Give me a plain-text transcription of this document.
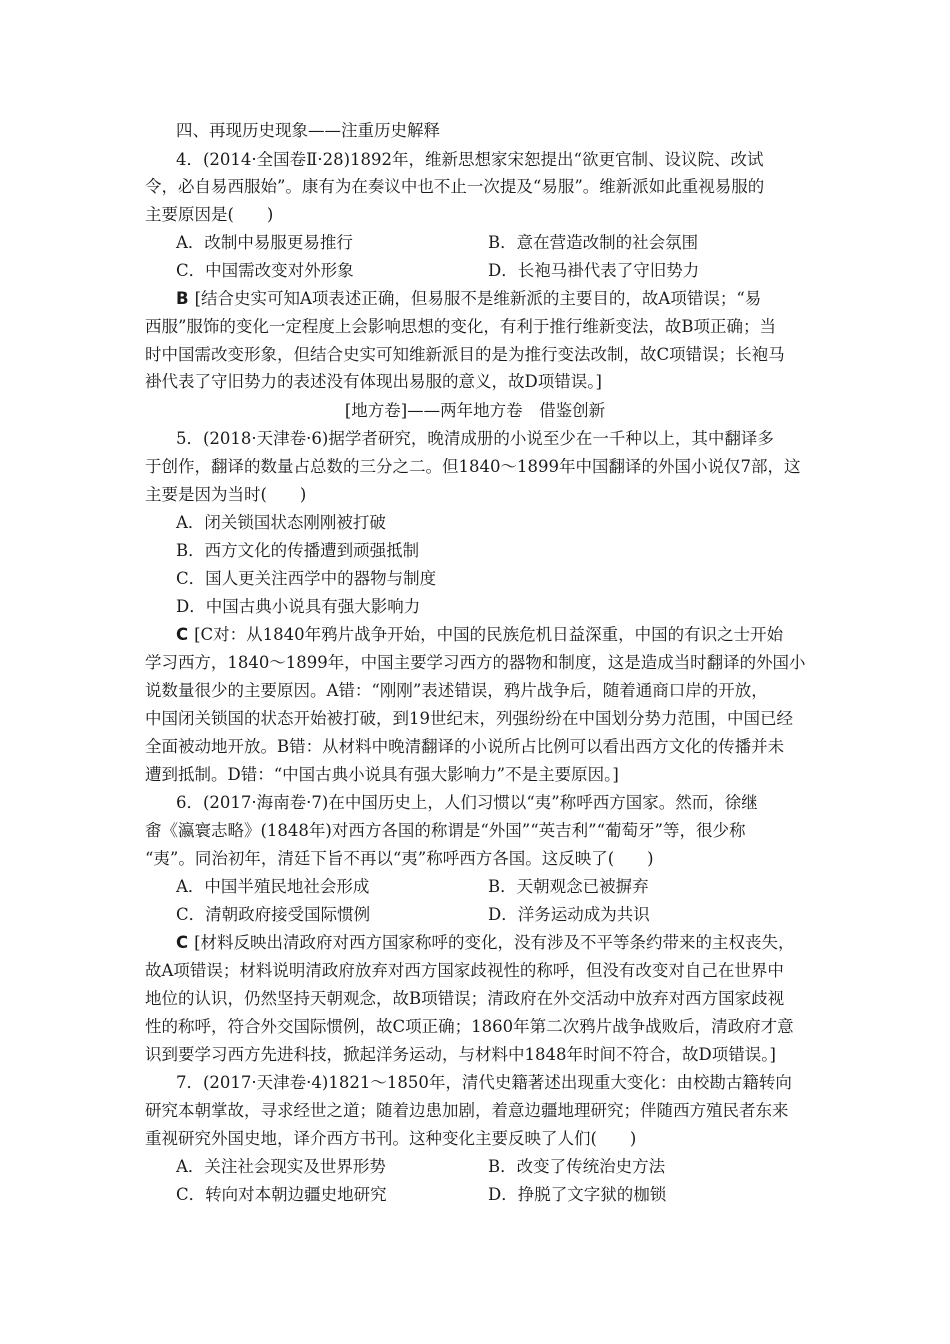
四、再现历史现象——注重历史解释
4．(2014·全国卷Ⅱ·28)1892年，维新思想家宋恕提出“欲更官制、设议院、改试
令，必自易西服始”。康有为在奏议中也不止一次提及“易服”。维新派如此重视易服的
主要原因是(　　)
A．改制中易服更易推行	B．意在营造改制的社会氛围
C．中国需改变对外形象	D．长袍马褂代表了守旧势力
B [结合史实可知A项表述正确，但易服不是维新派的主要目的，故A项错误；“易
西服”服饰的变化一定程度上会影响思想的变化，有利于推行维新变法，故B项正确；当
时中国需改变形象，但结合史实可知维新派目的是为推行变法改制，故C项错误；长袍马
褂代表了守旧势力的表述没有体现出易服的意义，故D项错误。]
[地方卷]——两年地方卷　借鉴创新
5．(2018·天津卷·6)据学者研究，晚清成册的小说至少在一千种以上，其中翻译多
于创作，翻译的数量占总数的三分之二。但1840～1899年中国翻译的外国小说仅7部，这
主要是因为当时(　　)
A．闭关锁国状态刚刚被打破
B．西方文化的传播遭到顽强抵制
C．国人更关注西学中的器物与制度
D．中国古典小说具有强大影响力
C [C对：从1840年鸦片战争开始，中国的民族危机日益深重，中国的有识之士开始
学习西方，1840～1899年，中国主要学习西方的器物和制度，这是造成当时翻译的外国小
说数量很少的主要原因。A错：“刚刚”表述错误，鸦片战争后，随着通商口岸的开放，
中国闭关锁国的状态开始被打破，到19世纪末，列强纷纷在中国划分势力范围，中国已经
全面被动地开放。B错：从材料中晚清翻译的小说所占比例可以看出西方文化的传播并未
遭到抵制。D错：“中国古典小说具有强大影响力”不是主要原因。]
6．(2017·海南卷·7)在中国历史上，人们习惯以“夷”称呼西方国家。然而，徐继
畬《瀛寰志略》(1848年)对西方各国的称谓是“外国”“英吉利”“葡萄牙”等，很少称
“夷”。同治初年，清廷下旨不再以“夷”称呼西方各国。这反映了(　　)
A．中国半殖民地社会形成	B．天朝观念已被摒弃
C．清朝政府接受国际惯例	D．洋务运动成为共识
C [材料反映出清政府对西方国家称呼的变化，没有涉及不平等条约带来的主权丧失，
故A项错误；材料说明清政府放弃对西方国家歧视性的称呼，但没有改变对自己在世界中
地位的认识，仍然坚持天朝观念，故B项错误；清政府在外交活动中放弃对西方国家歧视
性的称呼，符合外交国际惯例，故C项正确；1860年第二次鸦片战争战败后，清政府才意
识到要学习西方先进科技，掀起洋务运动，与材料中1848年时间不符合，故D项错误。]
7．(2017·天津卷·4)1821～1850年，清代史籍著述出现重大变化：由校勘古籍转向
研究本朝掌故，寻求经世之道；随着边患加剧，着意边疆地理研究；伴随西方殖民者东来
重视研究外国史地，译介西方书刊。这种变化主要反映了人们(　　)
A．关注社会现实及世界形势	B．改变了传统治史方法
C．转向对本朝边疆史地研究	D．挣脱了文字狱的枷锁
